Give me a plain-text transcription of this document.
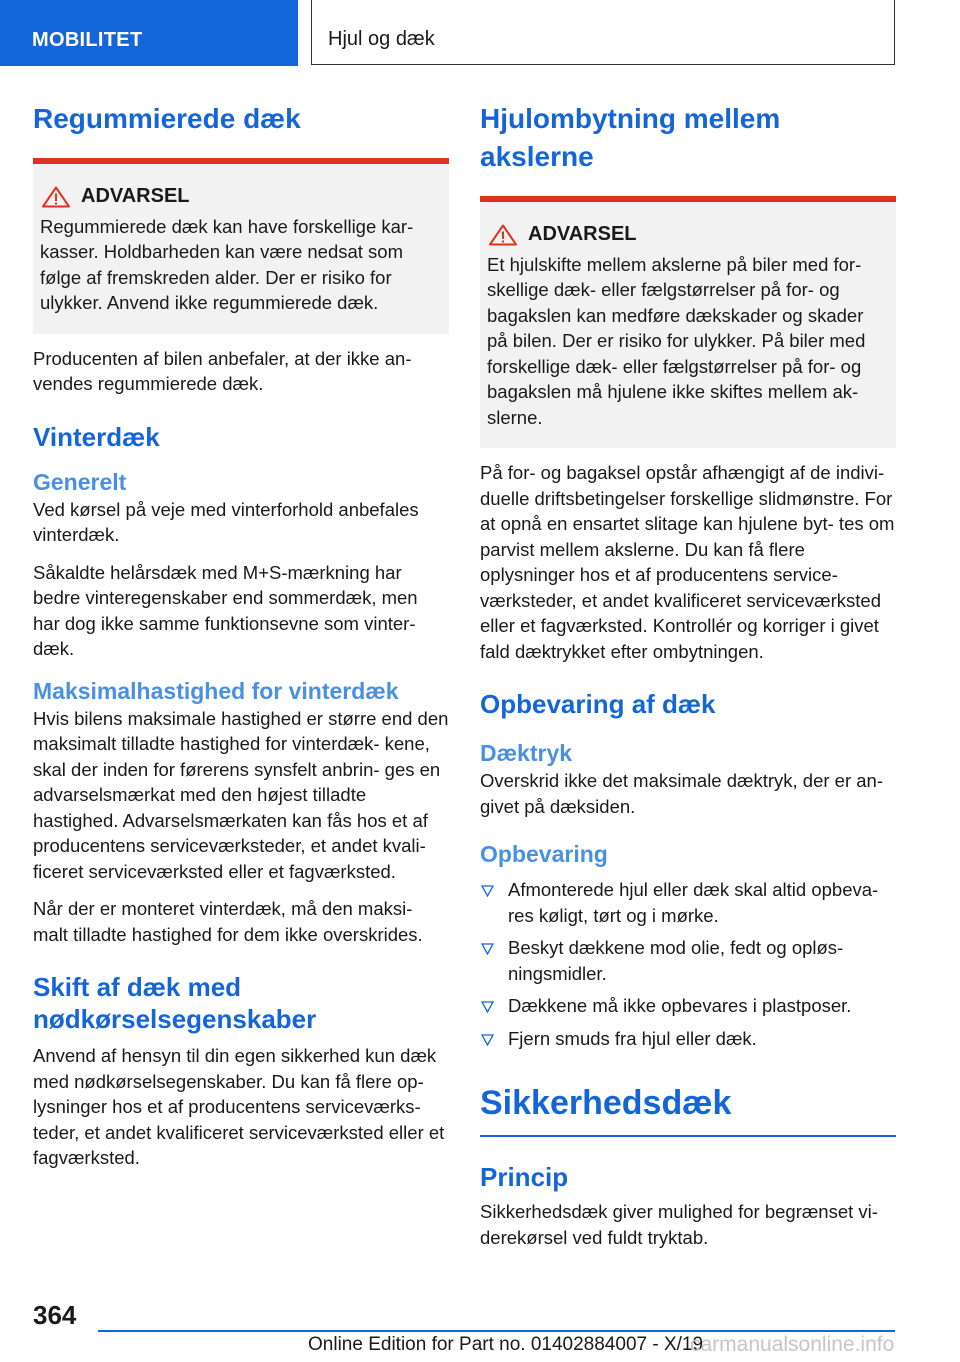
MOBILITET	Hjul og dæk
Regummierede dæk
ADVARSEL

Regummierede dæk kan have forskellige kar- kasser. Holdbarheden kan være nedsat som følge af fremskreden alder. Der er risiko for ulykker. Anvend ikke regummierede dæk.

Producenten af bilen anbefaler, at der ikke an- vendes regummierede dæk.

Vinterdæk
Generelt

Ved kørsel på veje med vinterforhold anbefales vinterdæk.

Såkaldte helårsdæk med M+S-mærkning har bedre vinteregenskaber end sommerdæk, men har dog ikke samme funktionsevne som vinter- dæk.

Maksimalhastighed for vinterdæk

Hvis bilens maksimale hastighed er større end den maksimalt tilladte hastighed for vinterdæk- kene, skal der inden for førerens synsfelt anbrin- ges en advarselsmærkat med den højest tilladte hastighed. Advarselsmærkaten kan fås hos et af producentens serviceværksteder, et andet kvali- ficeret serviceværksted eller et fagværksted.

Når der er monteret vinterdæk, må den maksi- malt tilladte hastighed for dem ikke overskrides.

Skift af dæk med nødkørselsegenskaber

Anvend af hensyn til din egen sikkerhed kun dæk med nødkørselsegenskaber. Du kan få flere op- lysninger hos et af producentens serviceværks- teder, et andet kvalificeret serviceværksted eller et fagværksted.

Hjulombytning mellem akslerne
ADVARSEL

Et hjulskifte mellem akslerne på biler med for- skellige dæk- eller fælgstørrelser på for- og bagakslen kan medføre dækskader og skader på bilen. Der er risiko for ulykker. På biler med forskellige dæk- eller fælgstørrelser på for- og bagakslen må hjulene ikke skiftes mellem ak- slerne.

På for- og bagaksel opstår afhængigt af de indivi- duelle driftsbetingelser forskellige slidmønstre. For at opnå en ensartet slitage kan hjulene byt- tes om parvist mellem akslerne. Du kan få flere oplysninger hos et af producentens service- værksteder, et andet kvalificeret serviceværksted eller et fagværksted. Kontrollér og korriger i givet fald dæktrykket efter ombytningen.

Opbevaring af dæk
Dæktryk

Overskrid ikke det maksimale dæktryk, der er an- givet på dæksiden.

Opbevaring
Afmonterede hjul eller dæk skal altid opbeva- res køligt, tørt og i mørke.
Beskyt dækkene mod olie, fedt og opløs- ningsmidler.
Dækkene må ikke opbevares i plastposer.
Fjern smuds fra hjul eller dæk.
Sikkerhedsdæk
Princip

Sikkerhedsdæk giver mulighed for begrænset vi- derekørsel ved fuldt tryktab.

364
Online Edition for Part no. 01402884007 - X/19
carmanualsonline.info
